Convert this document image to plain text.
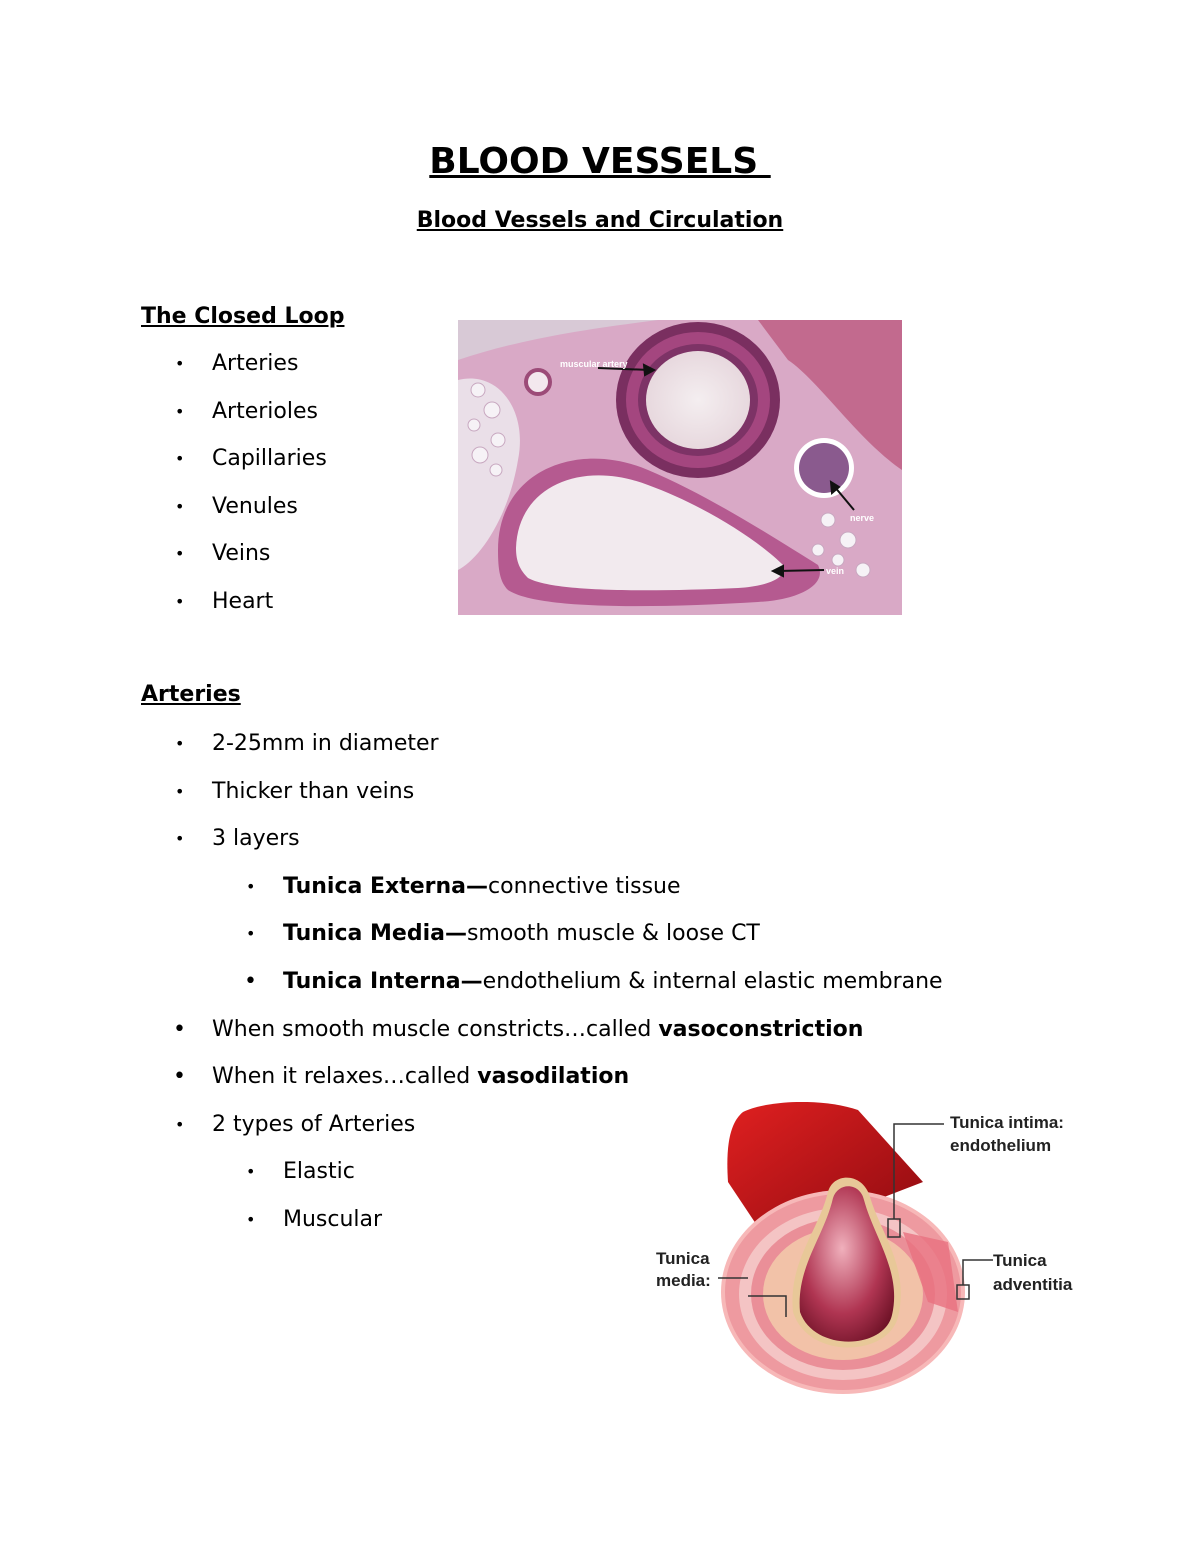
BLOOD VESSELS
Blood Vessels and Circulation
The Closed Loop
• Arteries
• Arterioles
• Capillaries
• Venules
• Veins
• Heart
muscular artery
nerve
vein
Arteries
• 2-25mm in diameter
• Thicker than veins
• 3 layers
• Tunica Externa—connective tissue
• Tunica Media—smooth muscle & loose CT
• Tunica Interna—endothelium & internal elastic membrane
• When smooth muscle constricts…called vasoconstriction
• When it relaxes…called vasodilation
• 2 types of Arteries
• Elastic
• Muscular
Tunica intima:
endothelium
Tunica
media:
Tunica
adventitia
